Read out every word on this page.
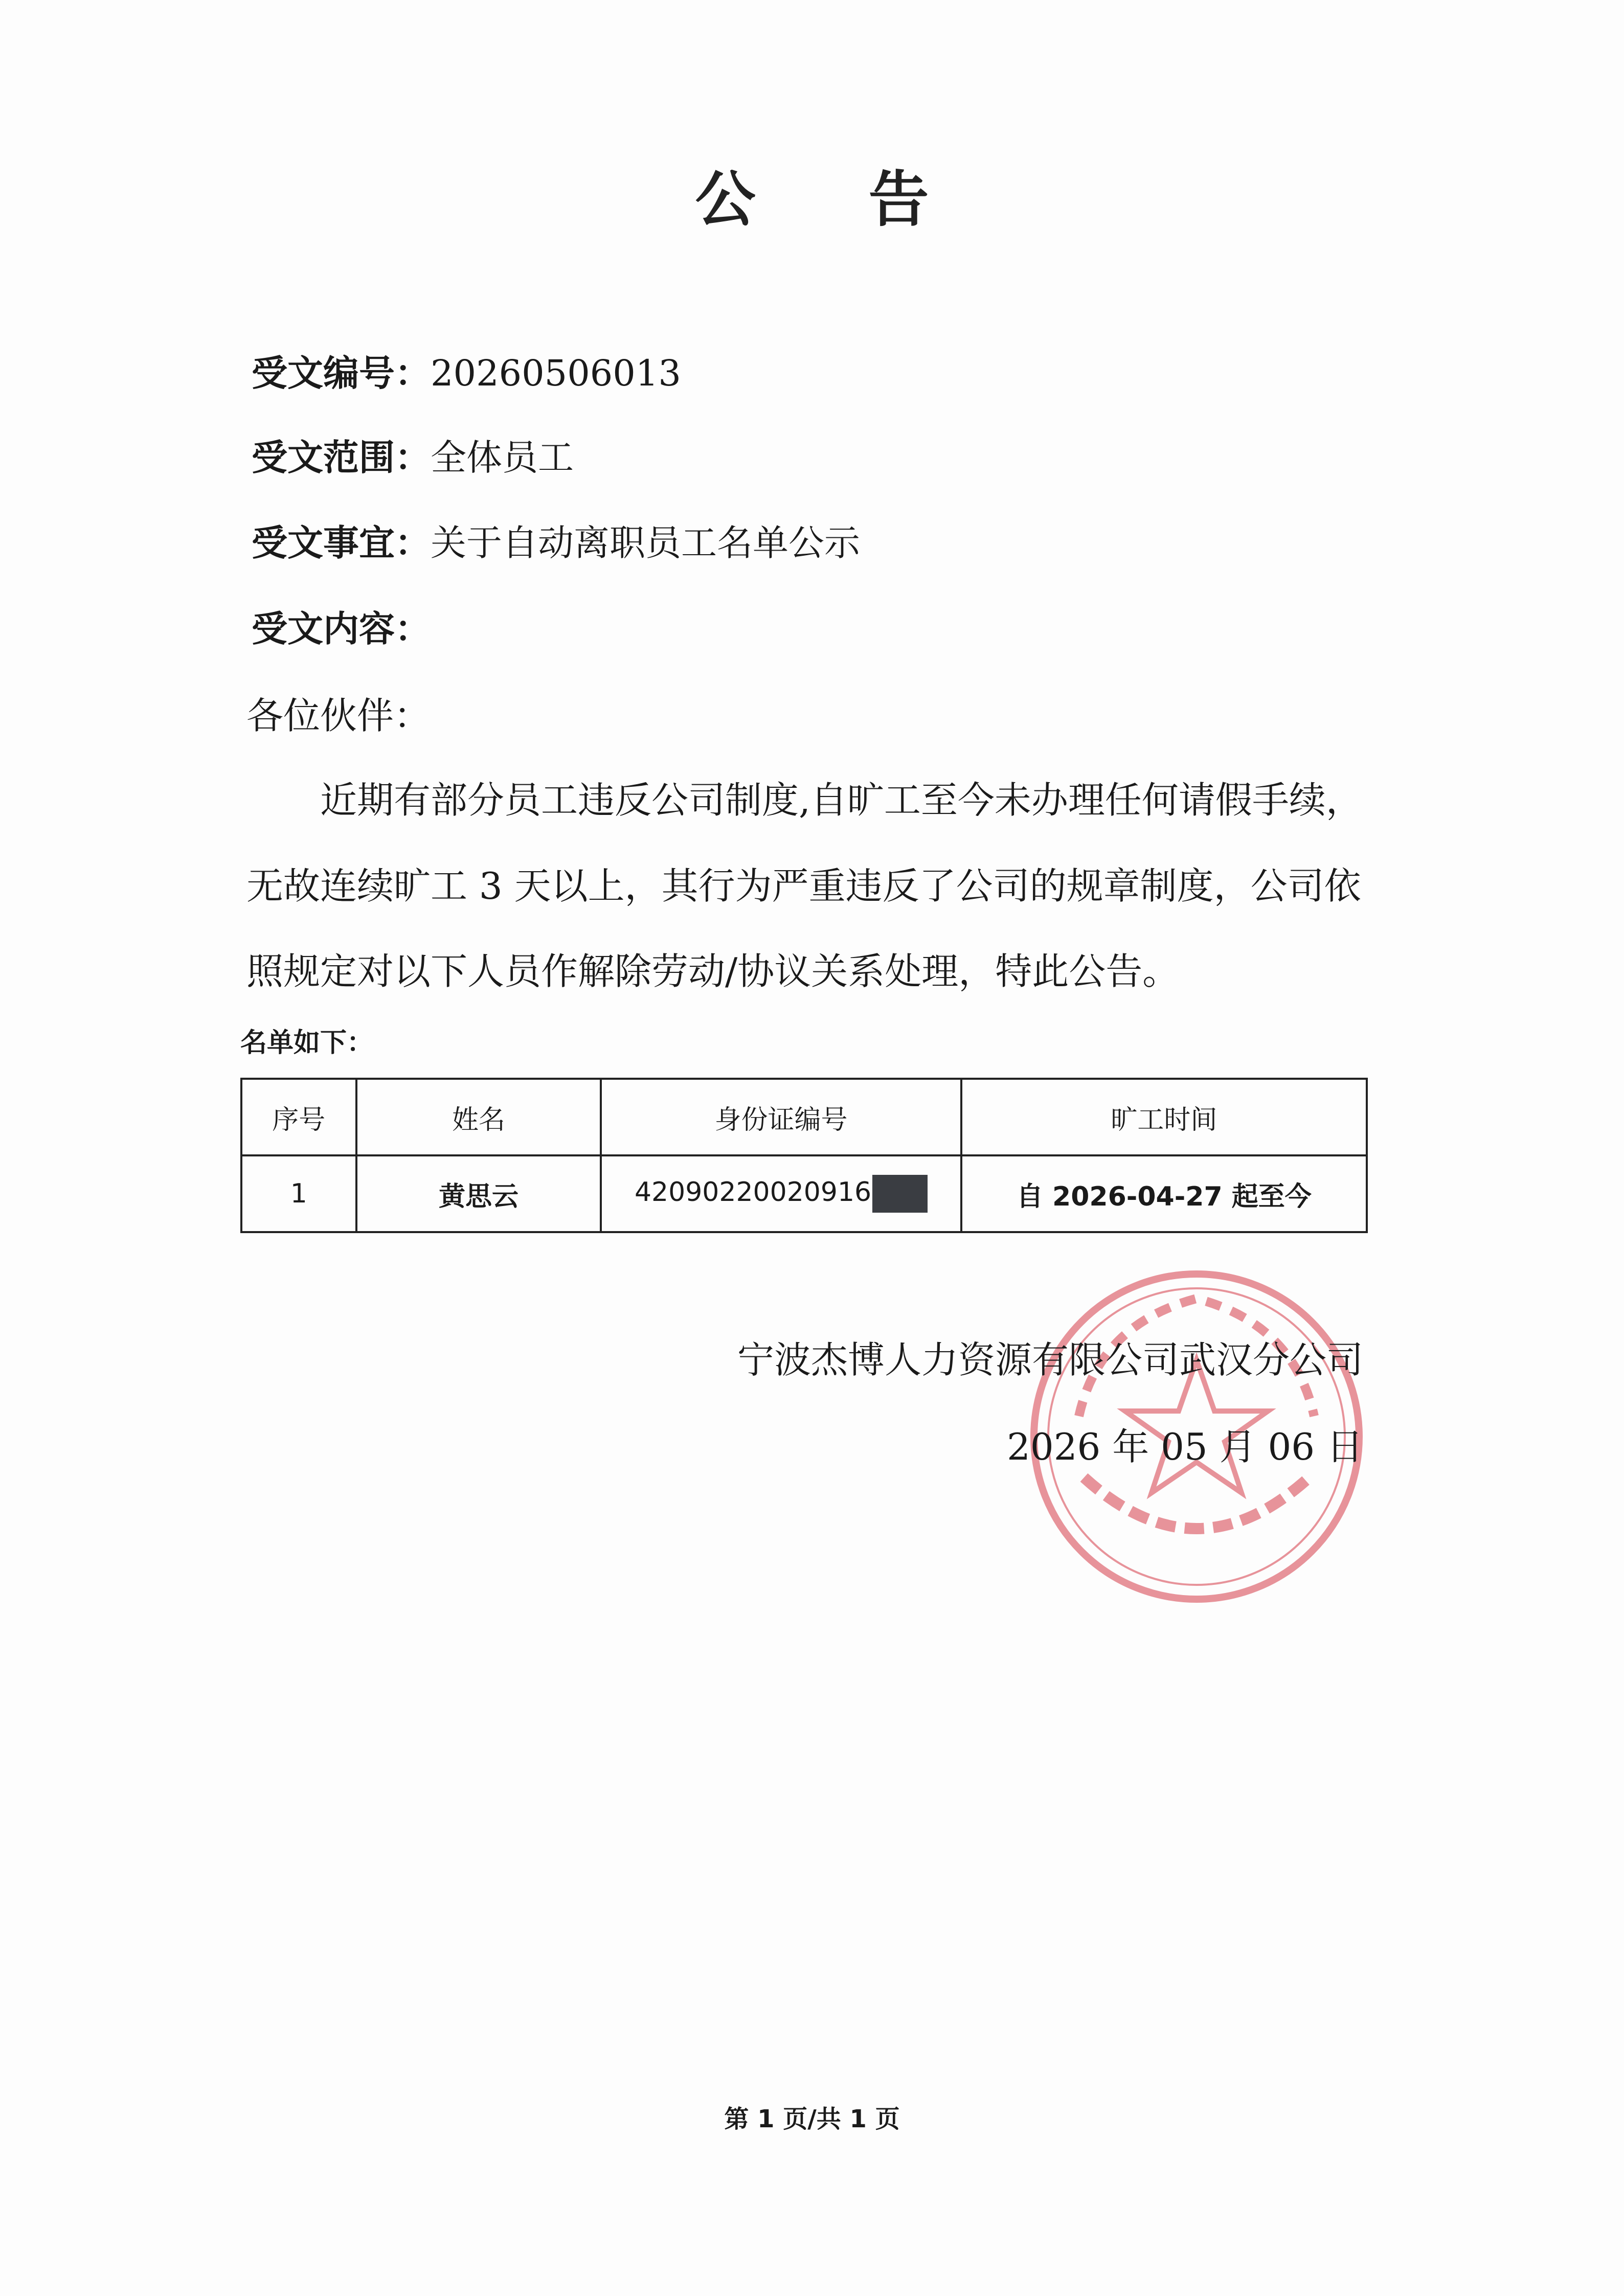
公 告
受文编号：20260506013
受文范围：全体员工
受文事宜：关于自动离职员工名单公示
受文内容：
各位伙伴：
近期有部分员工违反公司制度,自旷工至今未办理任何请假手续，
无故连续旷工 3 天以上，其行为严重违反了公司的规章制度，公司依
照规定对以下人员作解除劳动/协议关系处理，特此公告。
名单如下：
序号	姓名	身份证编号	旷工时间
1	黄思云	42090220020916	自 2026-04-27 起至今
宁波杰博人力资源有限公司武汉分公司
2026 年 05 月 06 日
第 1 页/共 1 页
